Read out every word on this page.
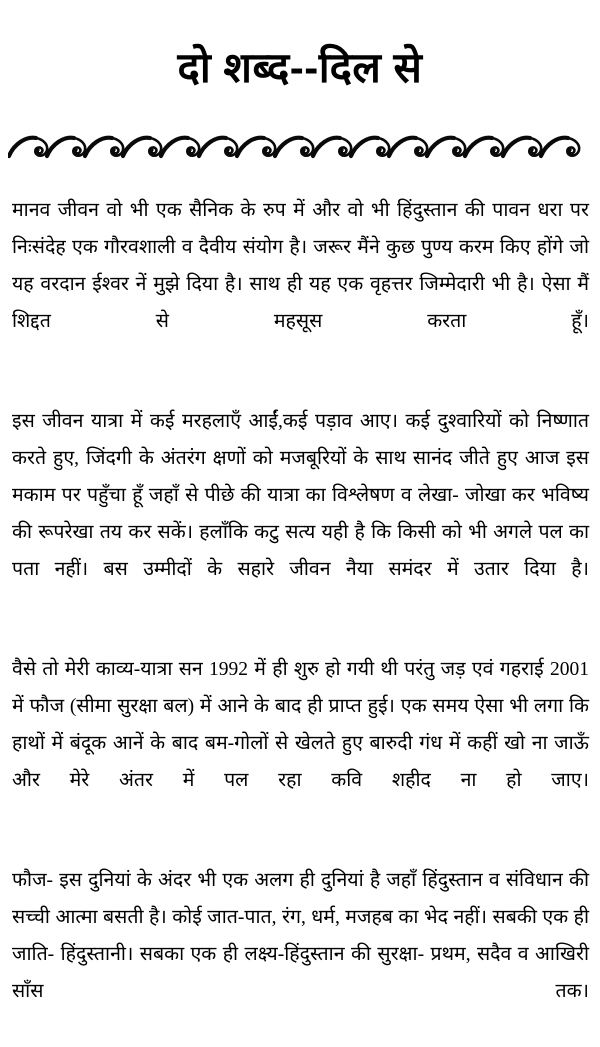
दो शब्द--दिल से

मानव जीवन वो भी एक सैनिक के रुप में और वो भी हिंदुस्तान की पावन धरा पर निःसंदेह एक गौरवशाली व दैवीय संयोग है। जरूर मैंने कुछ पुण्य करम किए होंगे जो यह वरदान ईश्वर नें मुझे दिया है। साथ ही यह एक वृहत्तर जिम्मेदारी भी है। ऐसा मैं शिद्दत से महसूस करता हूँ।

इस जीवन यात्रा में कई मरहलाएँ आईं,कई पड़ाव आए। कई दुश्वारियों को निष्णात करते हुए, जिंदगी के अंतरंग क्षणों को मजबूरियों के साथ सानंद जीते हुए आज इस मकाम पर पहुँचा हूँ जहाँ से पीछे की यात्रा का विश्लेषण व लेखा- जोखा कर भविष्य की रूपरेखा तय कर सकें। हलाँकि कटु सत्य यही है कि किसी को भी अगले पल का पता नहीं। बस उम्मीदों के सहारे जीवन नैया समंदर में उतार दिया है।

वैसे तो मेरी काव्य-यात्रा सन 1992 में ही शुरु हो गयी थी परंतु जड़ एवं गहराई 2001 में फौज (सीमा सुरक्षा बल) में आने के बाद ही प्राप्त हुई। एक समय ऐसा भी लगा कि हाथों में बंदूक आनें के बाद बम-गोलों से खेलते हुए बारुदी गंध में कहीं खो ना जाऊँ और मेरे अंतर में पल रहा कवि शहीद ना हो जाए।

फौज- इस दुनियां के अंदर भी एक अलग ही दुनियां है जहाँ हिंदुस्तान व संविधान की सच्ची आत्मा बसती है। कोई जात-पात, रंग, धर्म, मजहब का भेद नहीं। सबकी एक ही जाति- हिंदुस्तानी। सबका एक ही लक्ष्य-हिंदुस्तान की सुरक्षा- प्रथम, सदैव व आखिरी साँस तक।
